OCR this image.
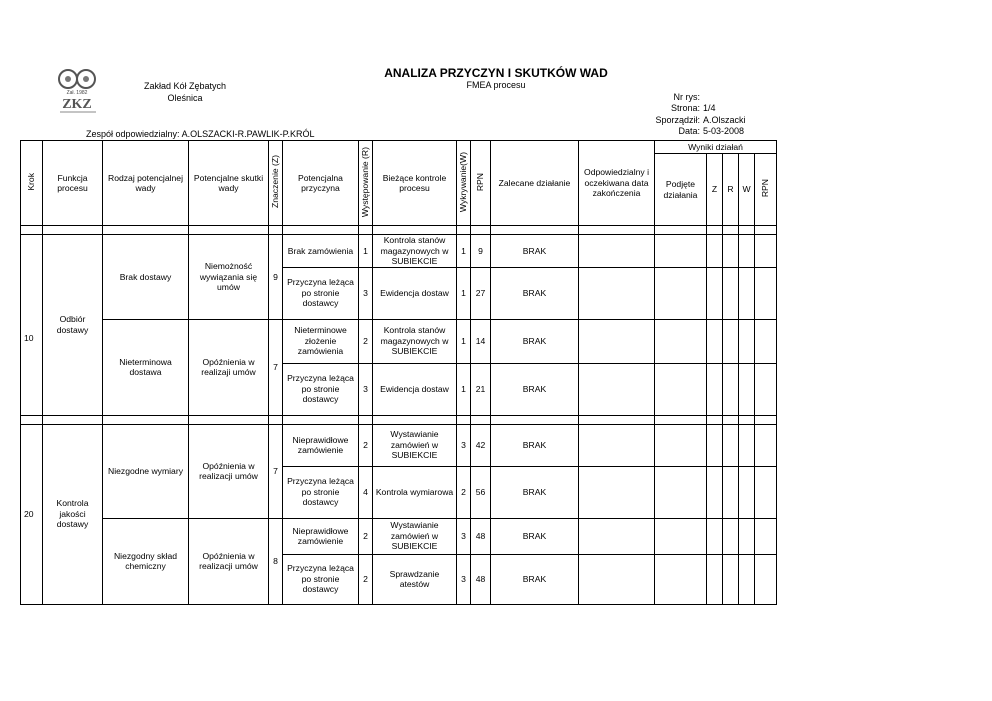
ANALIZA PRZYCZYN I SKUTKÓW WAD
FMEA procesu
Zał. 1982
ZKZ
Zakład Kół Zębatych
Oleśnica
Zespół odpowiedzialny: A.OLSZACKI-R.PAWLIK-P.KRÓL
Nr rys:
Strona: 1/4
Sporządził: A.Olszacki
Data: 5-03-2008
Krok	Funkcja procesu	Rodzaj potencjalnej wady	Potencjalne skutki wady	Znaczenie (Z)	Potencjalna przyczyna	Występowanie (R)	Bieżące kontrole procesu	Wykrywanie(W)	RPN	Zalecane działanie	Odpowiedzialny i oczekiwana data zakończenia	Wyniki działań				
												Podjęte działania	Z	R	W	RPN

10	Odbiór dostawy	Brak dostawy	Niemożność wywiązania się umów	9	Brak zamówienia	1	Kontrola stanów magazynowych w SUBIEKCIE	1	9	BRAK						
					Przyczyna leżąca po stronie dostawcy	3	Ewidencja dostaw	1	27	BRAK						
		Nieterminowa dostawa	Opóźnienia w realizaji umów	7	Nieterminowe złożenie zamówienia	2	Kontrola stanów magazynowych w SUBIEKCIE	1	14	BRAK						
					Przyczyna leżąca po stronie dostawcy	3	Ewidencja dostaw	1	21	BRAK						

20	Kontrola jakości dostawy	Niezgodne wymiary	Opóźnienia w realizacji umów	7	Nieprawidłowe zamówienie	2	Wystawianie zamówień w SUBIEKCIE	3	42	BRAK						
					Przyczyna leżąca po stronie dostawcy	4	Kontrola wymiarowa	2	56	BRAK						
		Niezgodny skład chemiczny	Opóźnienia w realizacji umów	8	Nieprawidłowe zamówienie	2	Wystawianie zamówień w SUBIEKCIE	3	48	BRAK						
					Przyczyna leżąca po stronie dostawcy	2	Sprawdzanie atestów	3	48	BRAK						
